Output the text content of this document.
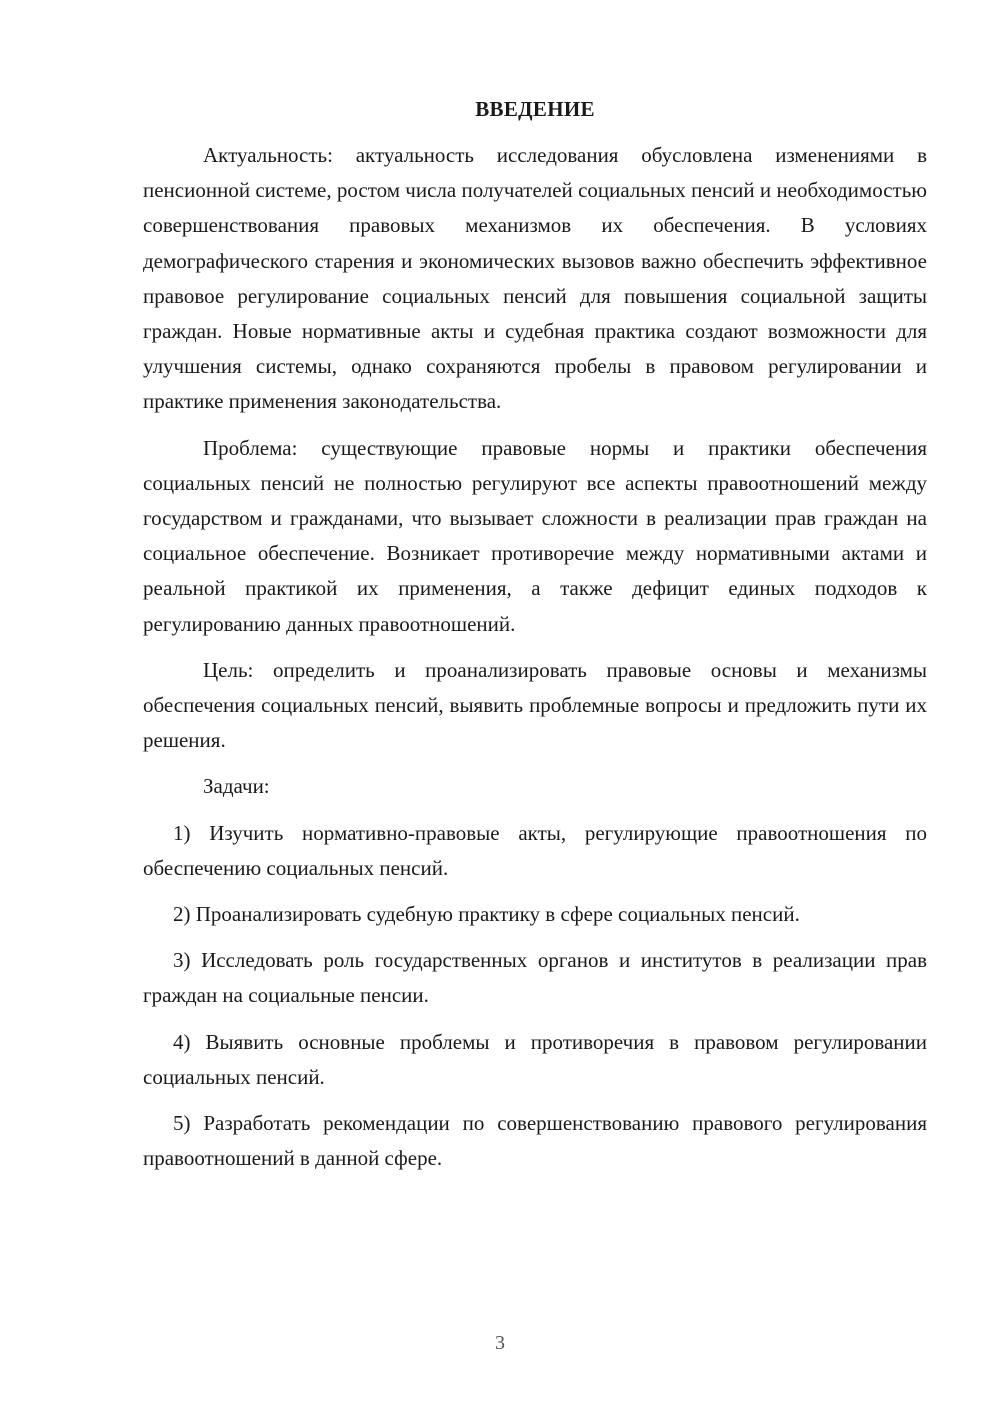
ВВЕДЕНИЕ

Актуальность: актуальность исследования обусловлена изменениями в пенсионной системе, ростом числа получателей социальных пенсий и необходимостью совершенствования правовых механизмов их обеспечения. В условиях демографического старения и экономических вызовов важно обеспечить эффективное правовое регулирование социальных пенсий для повышения социальной защиты граждан. Новые нормативные акты и судебная практика создают возможности для улучшения системы, однако сохраняются пробелы в правовом регулировании и практике применения законодательства.

Проблема: существующие правовые нормы и практики обеспечения социальных пенсий не полностью регулируют все аспекты правоотношений между государством и гражданами, что вызывает сложности в реализации прав граждан на социальное обеспечение. Возникает противоречие между нормативными актами и реальной практикой их применения, а также дефицит единых подходов к регулированию данных правоотношений.

Цель: определить и проанализировать правовые основы и механизмы обеспечения социальных пенсий, выявить проблемные вопросы и предложить пути их решения.

Задачи:

1) Изучить нормативно-правовые акты, регулирующие правоотношения по обеспечению социальных пенсий.

2) Проанализировать судебную практику в сфере социальных пенсий.

3) Исследовать роль государственных органов и институтов в реализации прав граждан на социальные пенсии.

4) Выявить основные проблемы и противоречия в правовом регулировании социальных пенсий.

5) Разработать рекомендации по совершенствованию правового регулирования правоотношений в данной сфере.

3
